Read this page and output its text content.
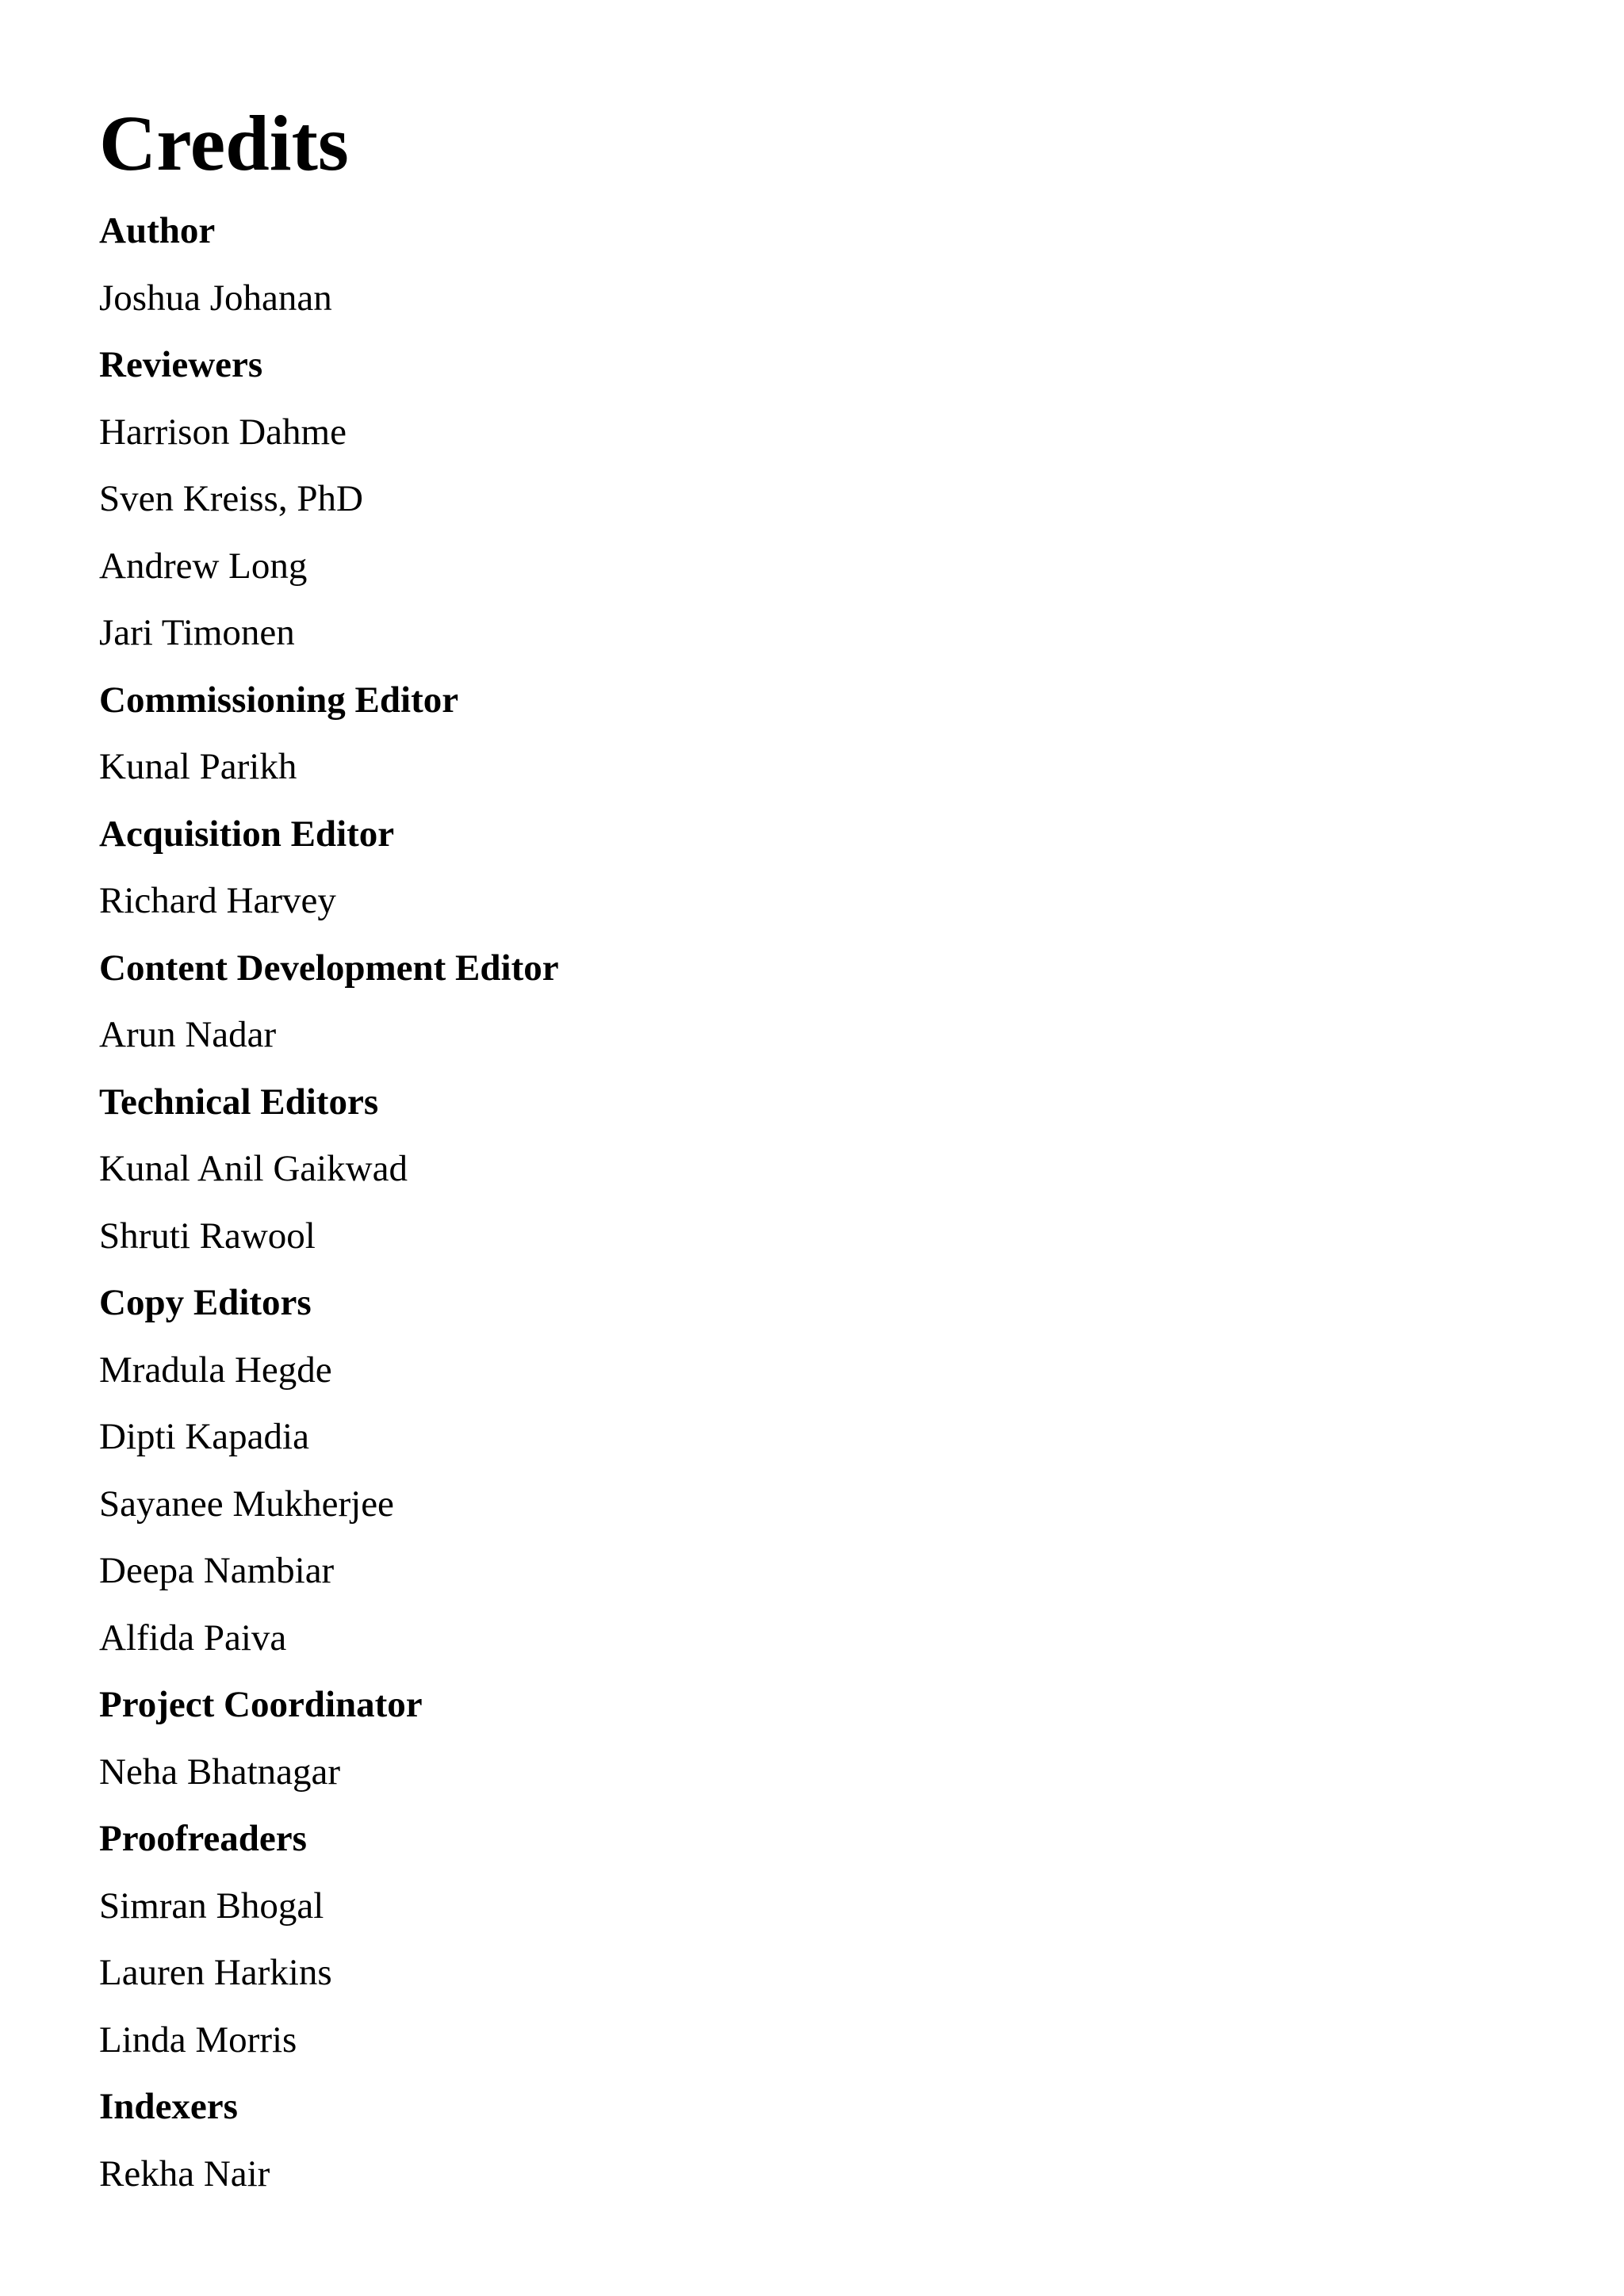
Credits
Author
Joshua Johanan
Reviewers
Harrison Dahme
Sven Kreiss, PhD
Andrew Long
Jari Timonen
Commissioning Editor
Kunal Parikh
Acquisition Editor
Richard Harvey
Content Development Editor
Arun Nadar
Technical Editors
Kunal Anil Gaikwad
Shruti Rawool
Copy Editors
Mradula Hegde
Dipti Kapadia
Sayanee Mukherjee
Deepa Nambiar
Alfida Paiva
Project Coordinator
Neha Bhatnagar
Proofreaders
Simran Bhogal
Lauren Harkins
Linda Morris
Indexers
Rekha Nair
